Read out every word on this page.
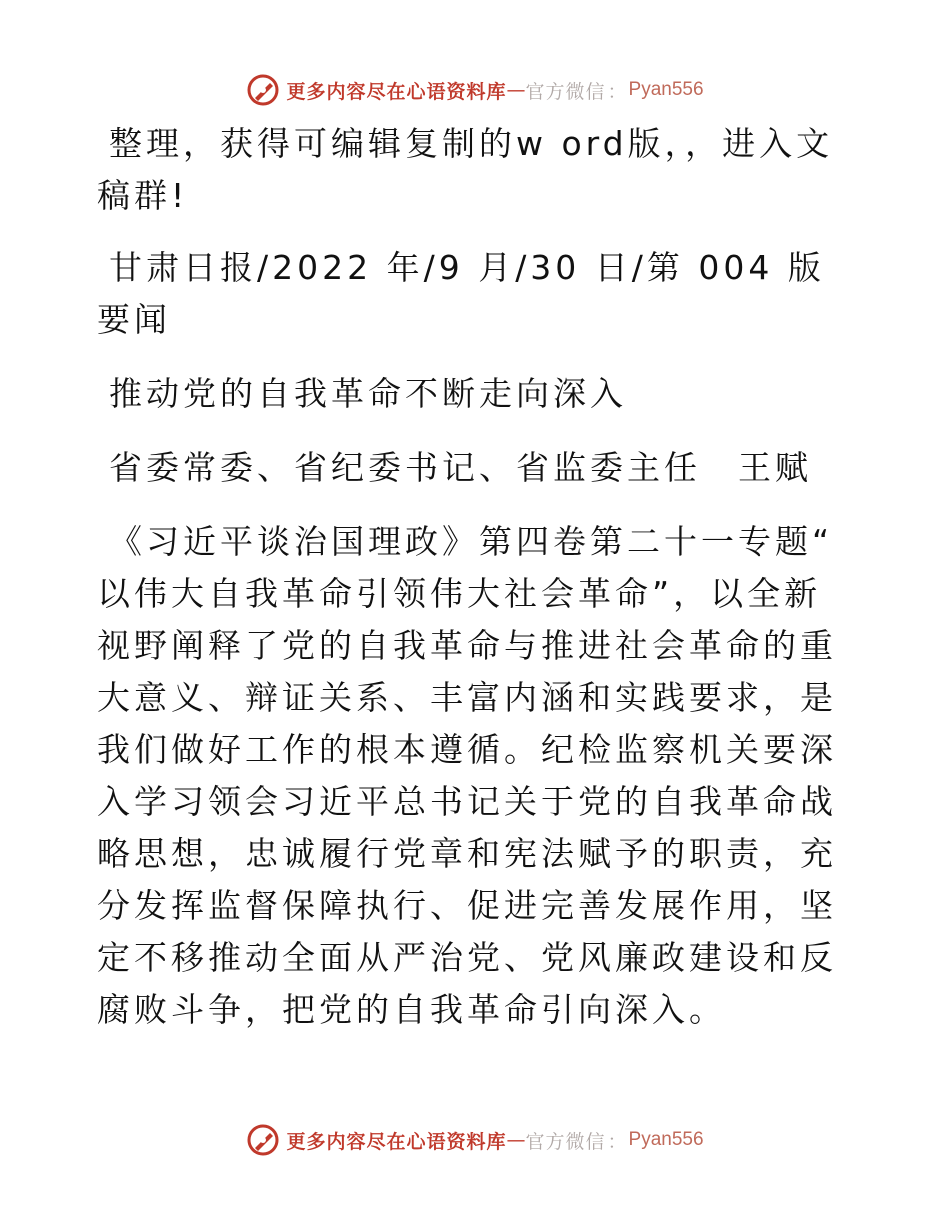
更多内容尽在心语资料库 — 官方微信 ： Pyan556

整理，获得可编辑复制的w ord版，，进入文稿群!

甘肃日报/2022 年/9 月/30 日/第 004 版要闻

推动党的自我革命不断走向深入

省委常委、省纪委书记、省监委主任　王赋

《习近平谈治国理政》第四卷第二十一专题“ 以伟大自我革命引领伟大社会革命”，以全新视野阐释了党的自我革命与推进社会革命的重大意义、辩证关系、丰富内涵和实践要求，是我们做好工作的根本遵循。纪检监察机关要深入学习领会习近平总书记关于党的自我革命战略思想，忠诚履行党章和宪法赋予的职责，充分发挥监督保障执行、促进完善发展作用，坚定不移推动全面从严治党、党风廉政建设和反腐败斗争，把党的自我革命引向深入。

更多内容尽在心语资料库 — 官方微信 ： Pyan556
